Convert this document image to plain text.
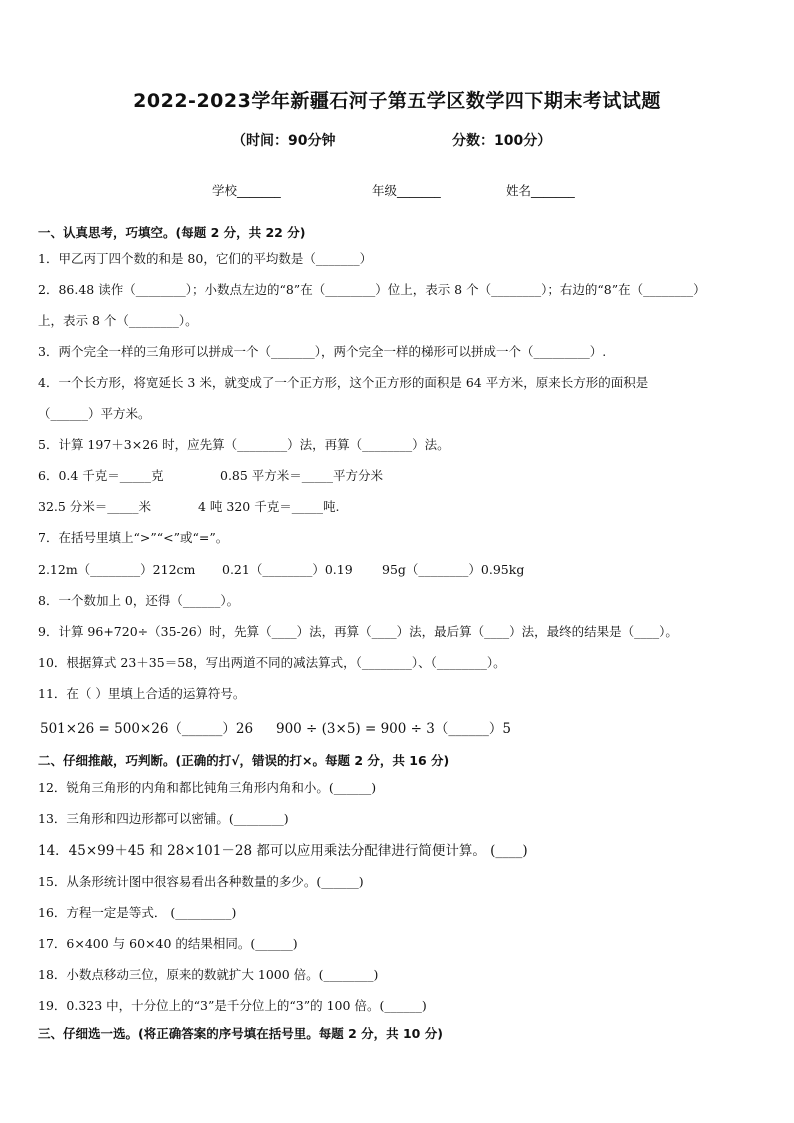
2022-2023学年新疆石河子第五学区数学四下期末考试试题
（时间：90分钟	分数：100分）
学校_______	年级_______	姓名_______
一、认真思考，巧填空。(每题 2 分，共 22 分)
1．甲乙丙丁四个数的和是 80，它们的平均数是（_______）
2．86.48 读作（________）；小数点左边的“8”在（________）位上，表示 8 个（________）；右边的“8”在（________）
上，表示 8 个（________）。
3．两个完全一样的三角形可以拼成一个（_______），两个完全一样的梯形可以拼成一个（_________）.
4．一个长方形，将宽延长 3 米，就变成了一个正方形，这个正方形的面积是 64 平方米，原来长方形的面积是
（______）平方米。
5．计算 197＋3×26 时，应先算（________）法，再算（________）法。
6．0.4 千克＝_____克	0.85 平方米＝_____平方分米
32.5 分米＝_____米	4 吨 320 千克＝_____吨.
7．在括号里填上“>”“<”或“=”。
2.12m（________）212cm 0.21（________）0.19 95g（________）0.95kg
8．一个数加上 0，还得（______）。
9．计算 96+720÷（35-26）时，先算（____）法，再算（____）法，最后算（____）法，最终的结果是（____）。
10．根据算式 23＋35＝58，写出两道不同的减法算式，（________）、（________）。
11．在（ ）里填上合适的运算符号。
501×26 = 500×26（______）26 900 ÷ (3×5) = 900 ÷ 3（______）5
二、仔细推敲，巧判断。(正确的打√，错误的打×。每题 2 分，共 16 分)
12．锐角三角形的内角和都比钝角三角形内角和小。(______)
13．三角形和四边形都可以密铺。(________)
14．45×99＋45 和 28×101－28 都可以应用乘法分配律进行简便计算。 (____)
15．从条形统计图中很容易看出各种数量的多少。(______)
16．方程一定是等式． (_________)
17．6×400 与 60×40 的结果相同。(______)
18．小数点移动三位，原来的数就扩大 1000 倍。(________)
19．0.323 中，十分位上的“3”是千分位上的“3”的 100 倍。(______)
三、仔细选一选。(将正确答案的序号填在括号里。每题 2 分，共 10 分)
